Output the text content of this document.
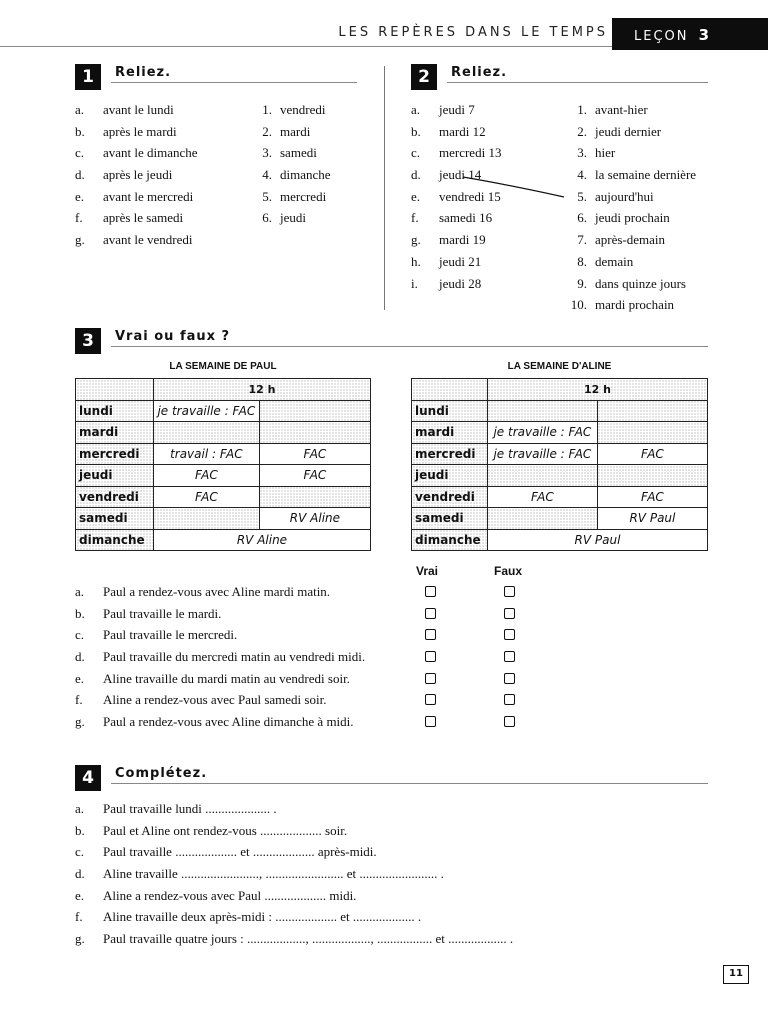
LES REPÈRES DANS LE TEMPS	LEÇON 3
1	Reliez.
a. avant le lundi
b. après le mardi
c. avant le dimanche
d. après le jeudi
e. avant le mercredi
f. après le samedi
g. avant le vendredi
1. vendredi
2. mardi
3. samedi
4. dimanche
5. mercredi
6. jeudi
2	Reliez.
a. jeudi 7
b. mardi 12
c. mercredi 13
d. jeudi 14
e. vendredi 15
f. samedi 16
g. mardi 19
h. jeudi 21
i. jeudi 28
1. avant-hier
2. jeudi dernier
3. hier
4. la semaine dernière
5. aujourd'hui
6. jeudi prochain
7. après-demain
8. demain
9. dans quinze jours
10. mardi prochain
3	Vrai ou faux ?
LA SEMAINE DE PAUL
	12 h	
lundi	je travaille : FAC	
mardi		
mercredi	travail : FAC	FAC
jeudi	FAC	FAC
vendredi	FAC	
samedi		RV Aline
dimanche	RV Aline	
LA SEMAINE D'ALINE
	12 h	
lundi		
mardi	je travaille : FAC	
mercredi	je travaille : FAC	FAC
jeudi		
vendredi	FAC	FAC
samedi		RV Paul
dimanche	RV Paul	
Vrai	Faux
a. Paul a rendez-vous avec Aline mardi matin.
b. Paul travaille le mardi.
c. Paul travaille le mercredi.
d. Paul travaille du mercredi matin au vendredi midi.
e. Aline travaille du mardi matin au vendredi soir.
f. Aline a rendez-vous avec Paul samedi soir.
g. Paul a rendez-vous avec Aline dimanche à midi.
4	Complétez.
a. Paul travaille lundi .................... .
b. Paul et Aline ont rendez-vous ................... soir.
c. Paul travaille ................... et ................... après-midi.
d. Aline travaille ........................, ........................ et ........................ .
e. Aline a rendez-vous avec Paul ................... midi.
f. Aline travaille deux après-midi : ................... et ................... .
g. Paul travaille quatre jours : .................., .................., ................. et .................. .
11
